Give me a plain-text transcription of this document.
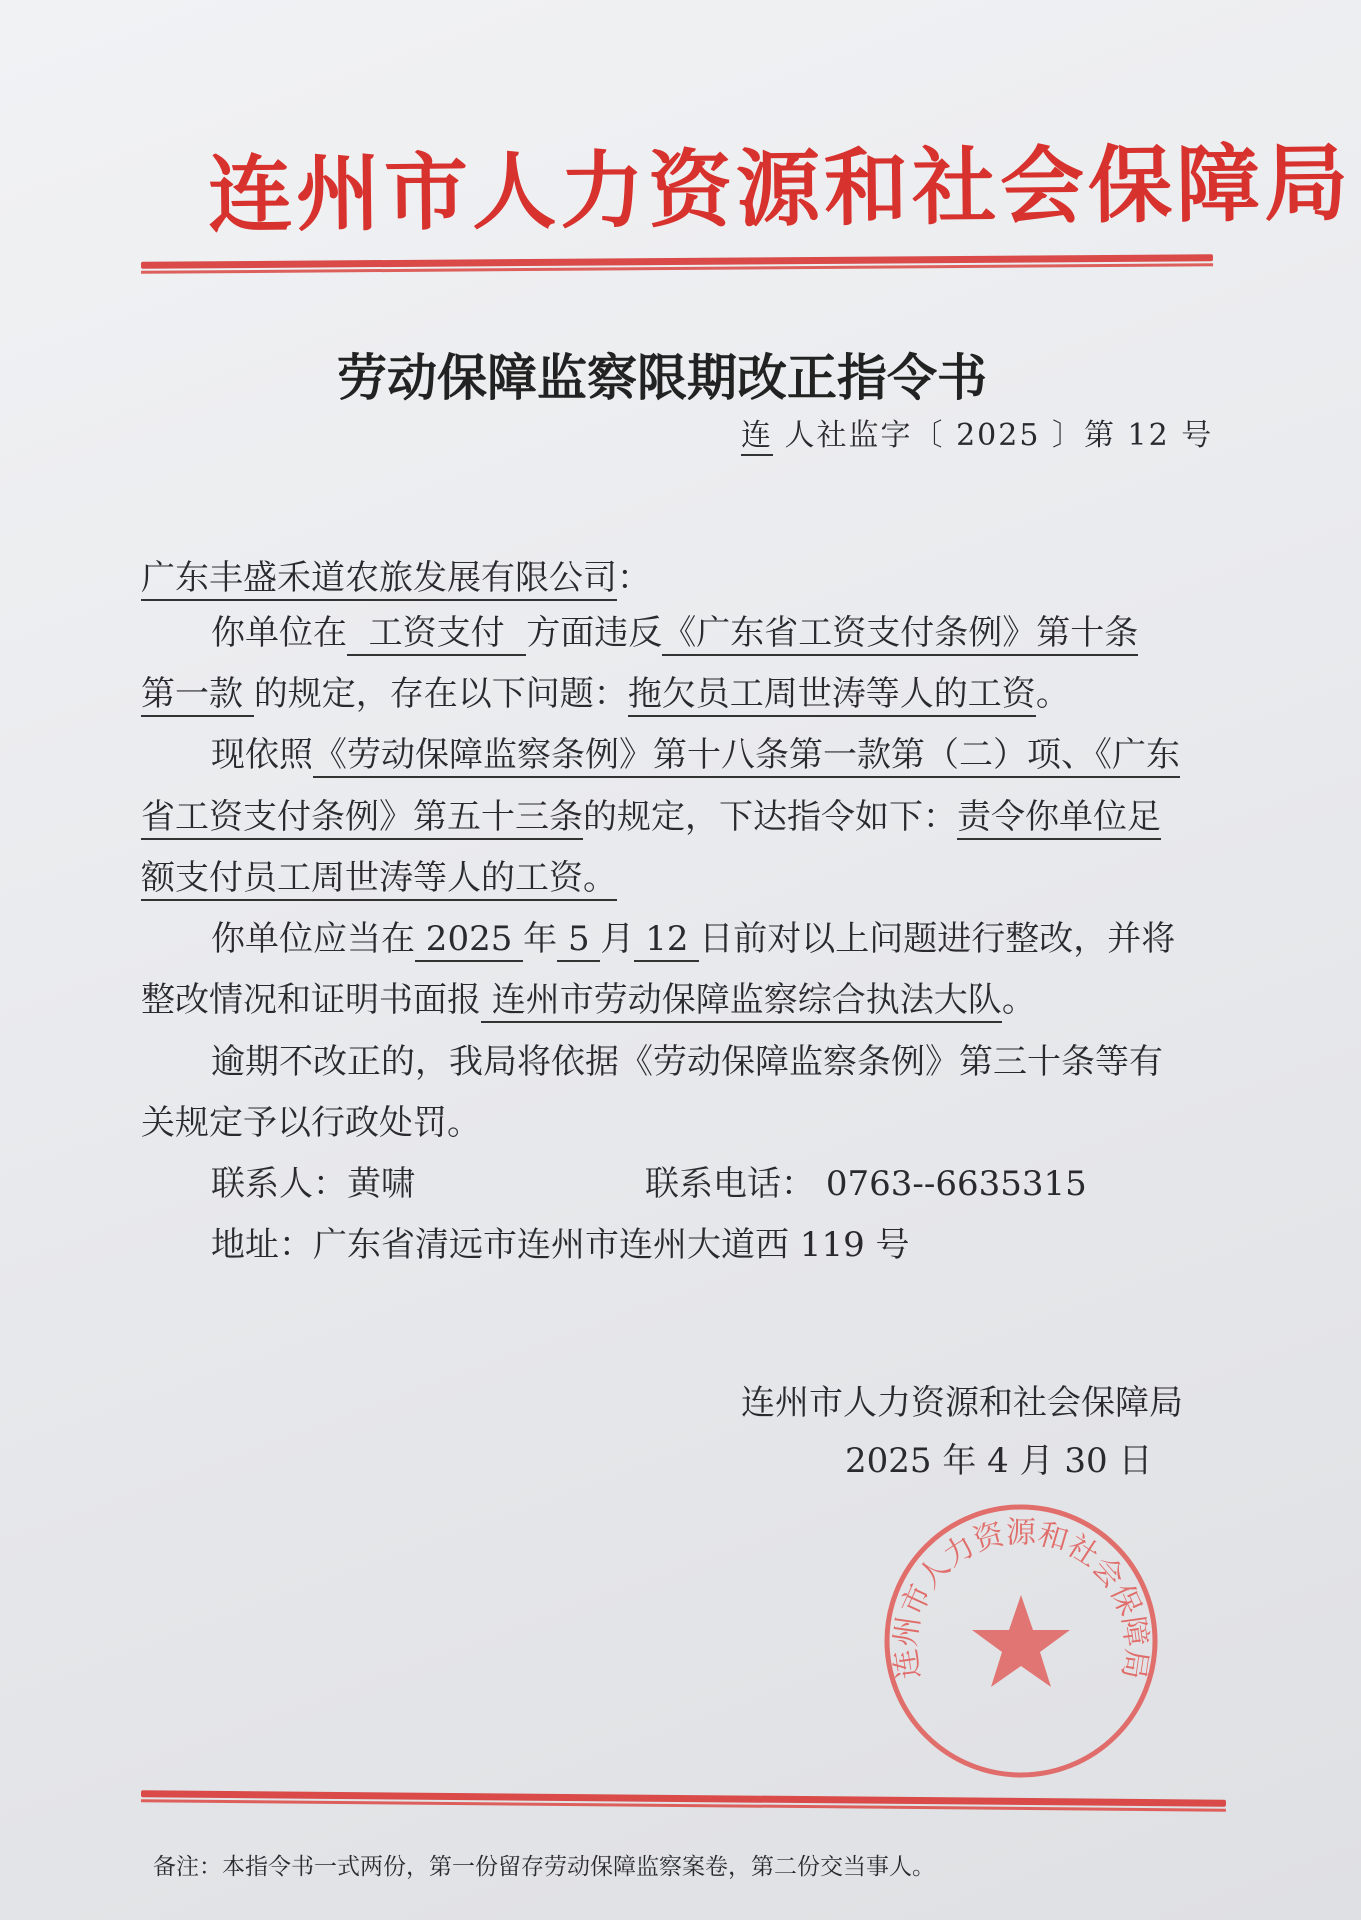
连州市人力资源和社会保障局
劳动保障监察限期改正指令书
连 人社监字〔 2025 〕第 12 号
广东丰盛禾道农旅发展有限公司：
你单位在  工资支付  方面违反《广东省工资支付条例》第十条
第一款 的规定，存在以下问题：拖欠员工周世涛等人的工资。
现依照《劳动保障监察条例》第十八条第一款第（二）项、《广东
省工资支付条例》第五十三条的规定，下达指令如下：责令你单位足
额支付员工周世涛等人的工资。
你单位应当在 2025 年 5 月 12 日前对以上问题进行整改，并将
整改情况和证明书面报 连州市劳动保障监察综合执法大队。
逾期不改正的，我局将依据《劳动保障监察条例》第三十条等有
关规定予以行政处罚。
联系人：黄啸	联系电话： 0763--6635315
地址：广东省清远市连州市连州大道西 119 号
连州市人力资源和社会保障局
2025 年 4 月 30 日
连州市人力资源和社会保障局
备注：本指令书一式两份，第一份留存劳动保障监察案卷，第二份交当事人。
